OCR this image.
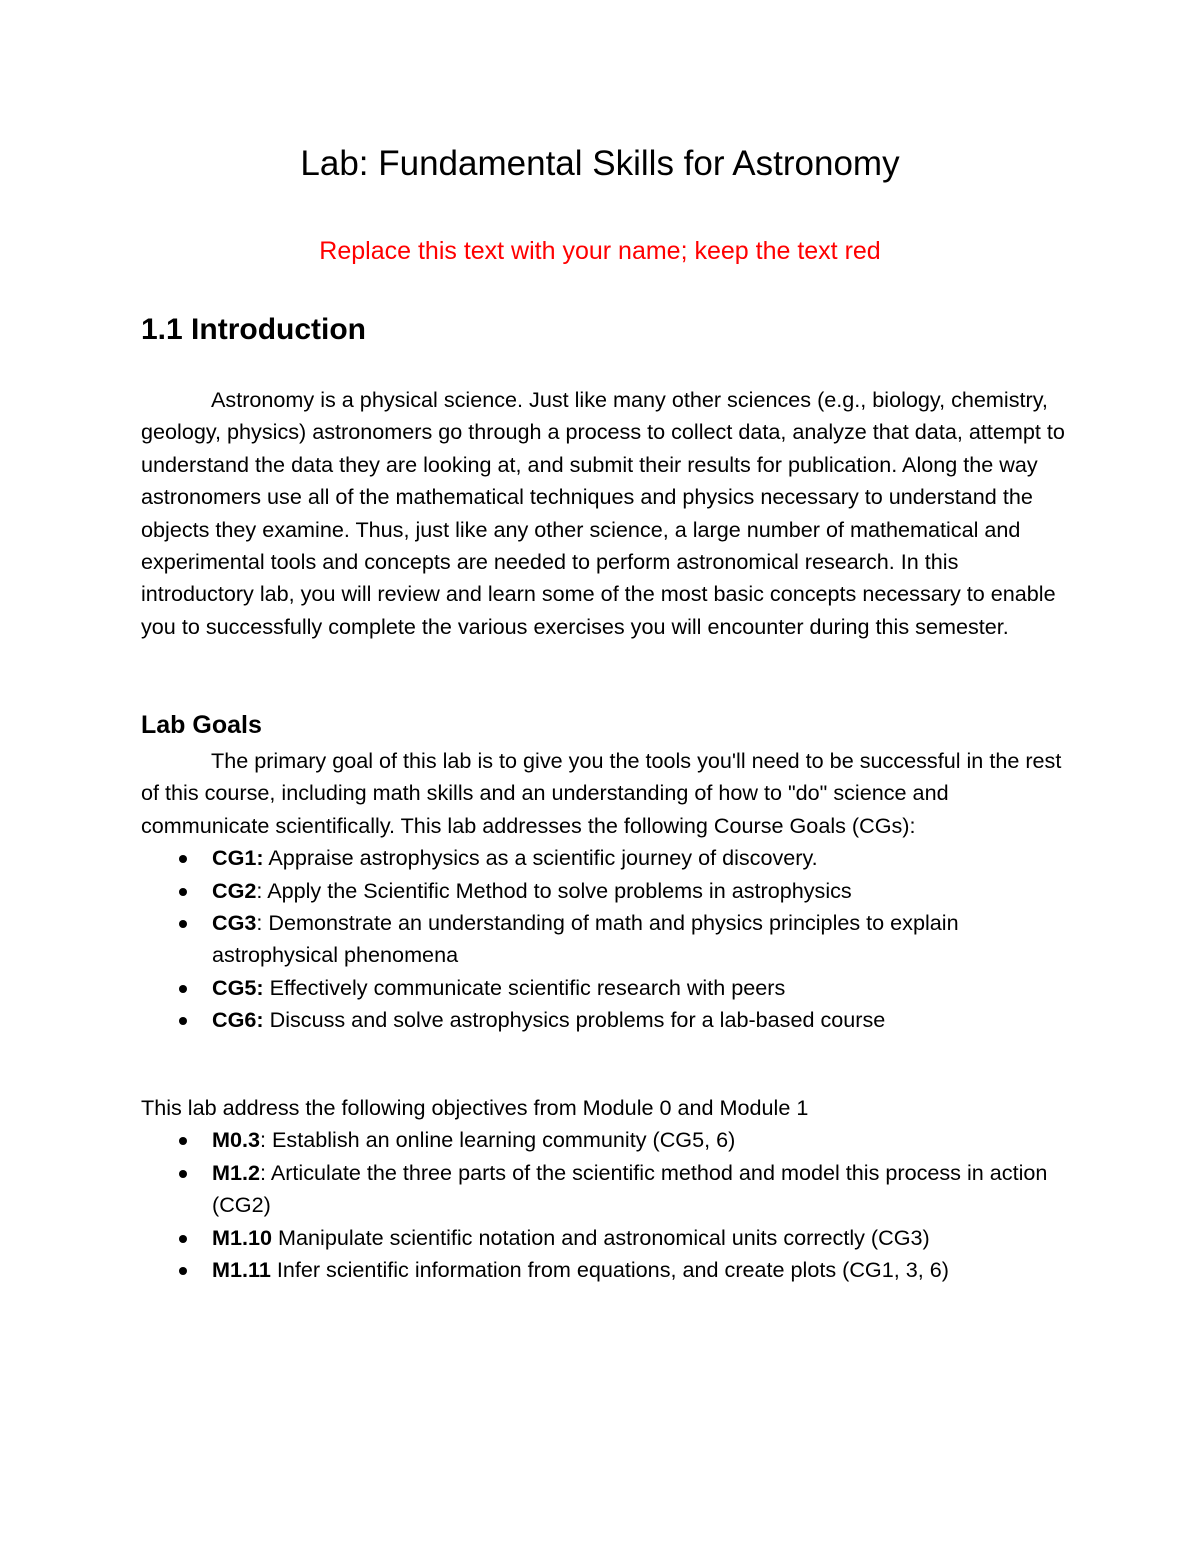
Lab: Fundamental Skills for Astronomy

Replace this text with your name; keep the text red

1.1 Introduction

Astronomy is a physical science. Just like many other sciences (e.g., biology, chemistry, geology, physics) astronomers go through a process to collect data, analyze that data, attempt to understand the data they are looking at, and submit their results for publication. Along the way astronomers use all of the mathematical techniques and physics necessary to understand the objects they examine. Thus, just like any other science, a large number of mathematical and experimental tools and concepts are needed to perform astronomical research. In this introductory lab, you will review and learn some of the most basic concepts necessary to enable you to successfully complete the various exercises you will encounter during this semester.

Lab Goals

The primary goal of this lab is to give you the tools you'll need to be successful in the rest of this course, including math skills and an understanding of how to "do" science and communicate scientifically. This lab addresses the following Course Goals (CGs):

CG1: Appraise astrophysics as a scientific journey of discovery.
CG2: Apply the Scientific Method to solve problems in astrophysics
CG3: Demonstrate an understanding of math and physics principles to explain astrophysical phenomena
CG5: Effectively communicate scientific research with peers
CG6: Discuss and solve astrophysics problems for a lab-based course

This lab address the following objectives from Module 0 and Module 1

M0.3: Establish an online learning community (CG5, 6)
M1.2: Articulate the three parts of the scientific method and model this process in action (CG2)
M1.10 Manipulate scientific notation and astronomical units correctly (CG3)
M1.11 Infer scientific information from equations, and create plots (CG1, 3, 6)
